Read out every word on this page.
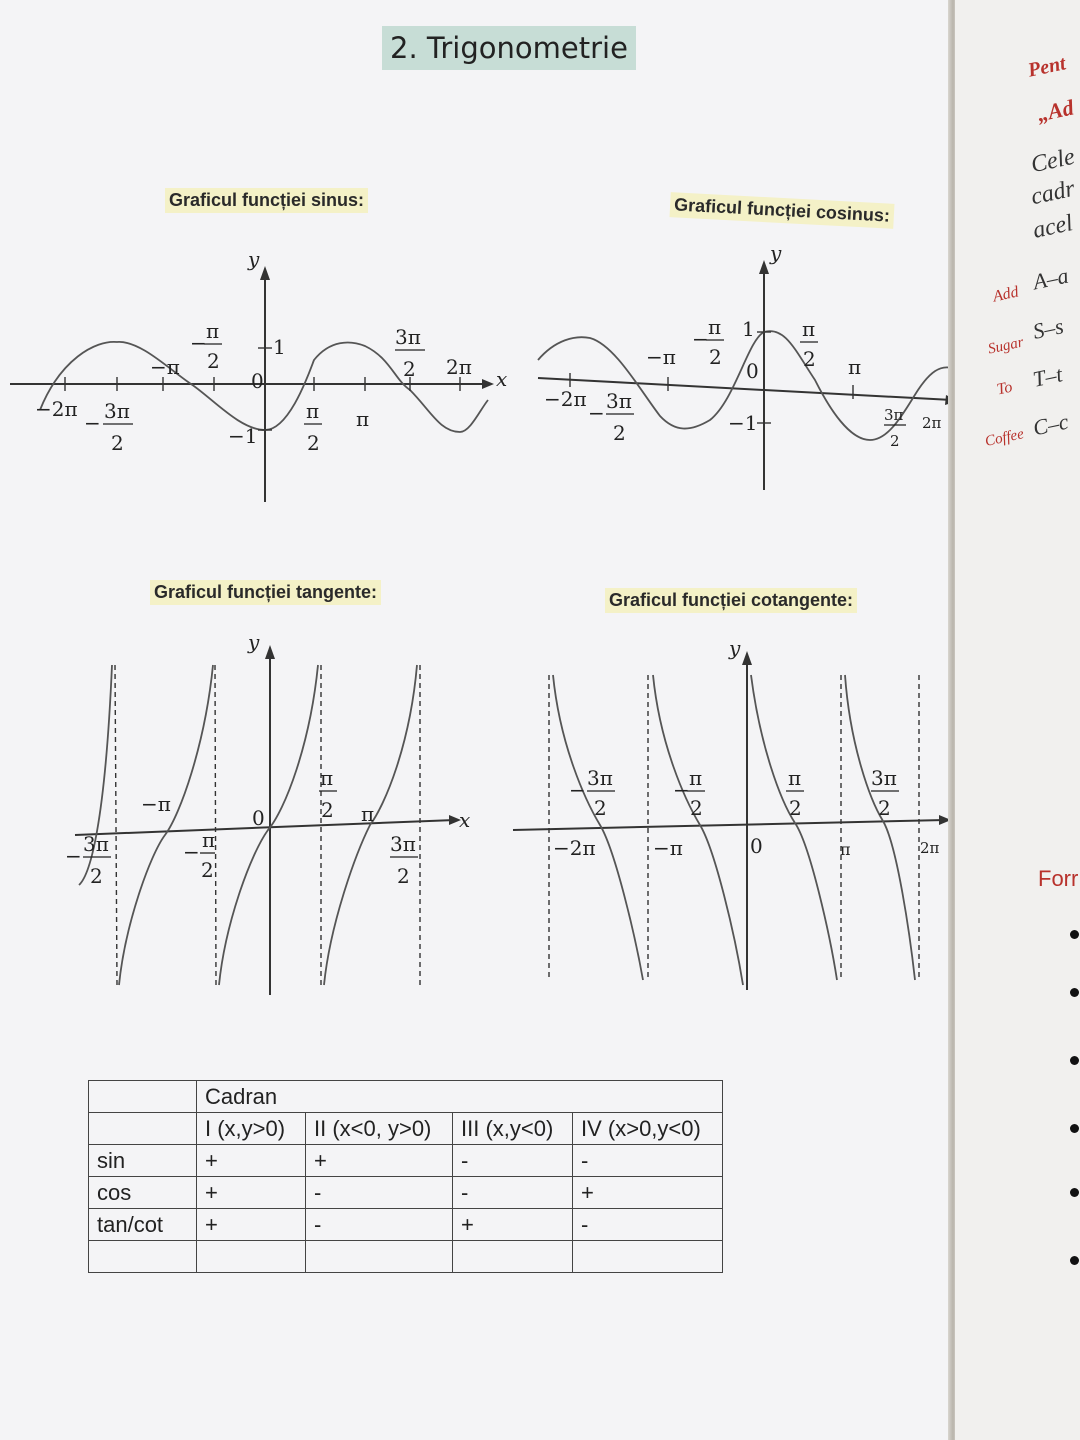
2. Trigonometrie
Graficul funcției sinus:
y
x
0
1
−1
−2π 3π
2
−
−π
π
2
−
π
2
π
3π
2 2π
Graficul funcției cosinus:
y
0
1
−1
−2π 3π
2
−
−π
π
2
−	π
2 π
3π
2
2π
Graficul funcției tangente:
y
x
0
−π
3π
2
−
π
2
−
π
2 π
3π
2
Graficul funcției cotangente:
y
0
−2π	−π	π	2π
3π
2
−	π
2
−	π
2
3π
2
	Cadran			
	I (x,y>0)	II (x<0, y>0)	III (x,y<0)	IV (x>0,y<0)
sin	+	+	-	-
cos	+	-	-	+
tan/cot	+	-	+	-

Pent
„Ad
Cele
cadr
acel
Add
A–a
Sugar
S–s
To T–t
Coffee C–c
Forr
